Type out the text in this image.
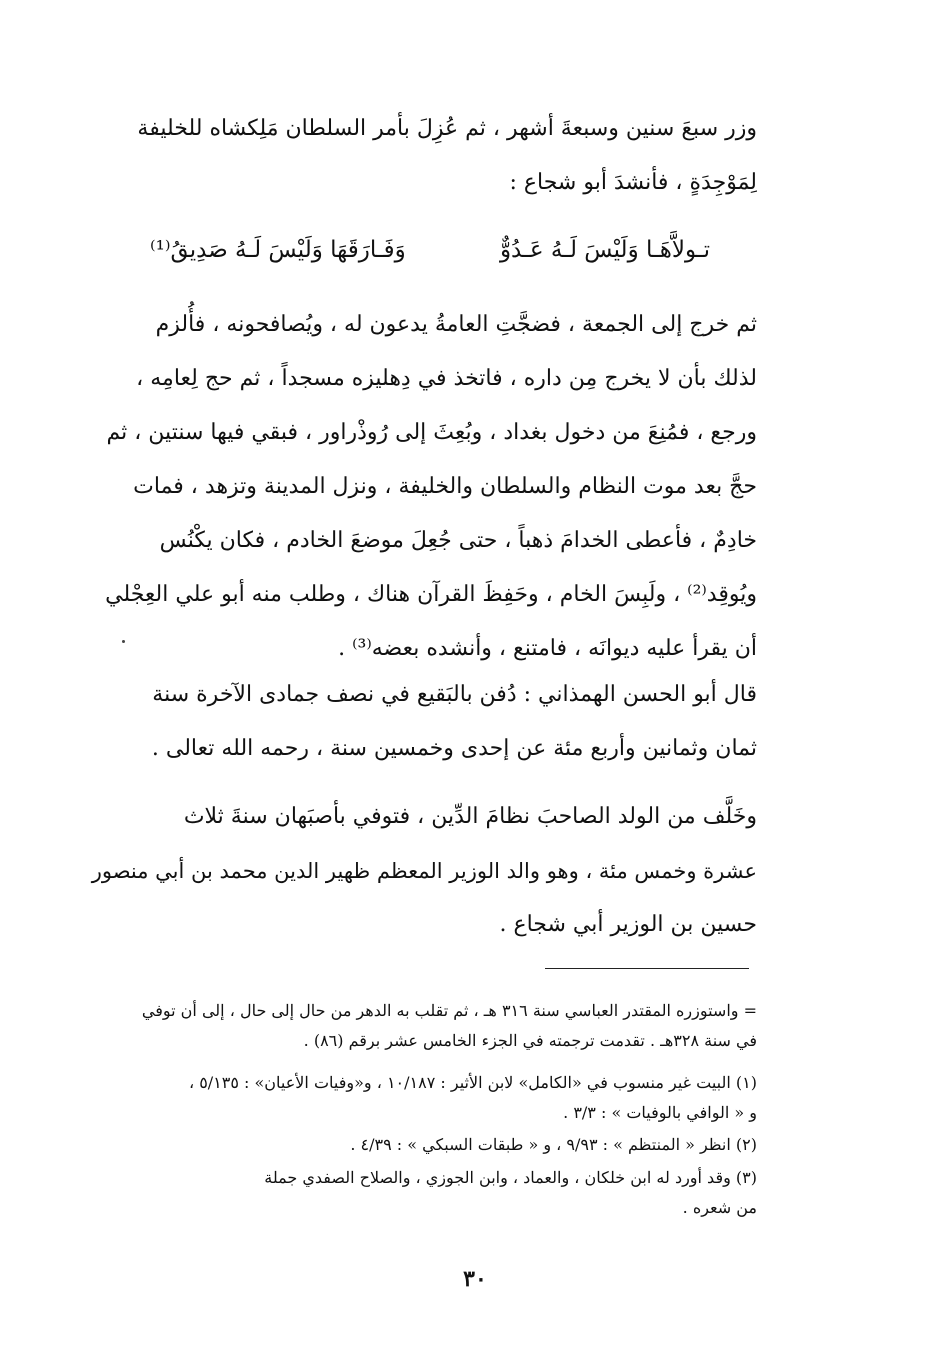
وزر سبعَ سنين وسبعةَ أشهر ، ثم عُزِلَ بأمر السلطان مَلِكشاه للخليفة
لِمَوْجِدَةٍ ، فأنشدَ أبو شجاع :
تـولاَّهَـا وَلَيْسَ لَـهُ عَـدُوٌّ
وَفَـارَقَهَا وَلَيْسَ لَـهُ صَدِيقُ⁽¹⁾
ثم خرج إلى الجمعة ، فضجَّتِ العامةُ يدعون له ، ويُصافحونه ، فأُلزم
لذلك بأن لا يخرج مِن داره ، فاتخذ في دِهليزه مسجداً ، ثم حج لِعامِه ،
ورجع ، فمُنِعَ من دخول بغداد ، وبُعِثَ إلى رُوذْراور ، فبقي فيها سنتين ، ثم
حجَّ بعد موت النظام والسلطان والخليفة ، ونزل المدينة وتزهد ، فمات
خادِمٌ ، فأعطى الخدامَ ذهباً ، حتى جُعِلَ موضعَ الخادم ، فكان يكْنُس
ويُوقِد⁽²⁾ ، ولَبِسَ الخام ، وحَفِظَ القرآن هناك ، وطلب منه أبو علي العِجْلي
أن يقرأ عليه ديوانَه ، فامتنع ، وأنشده بعضه⁽³⁾ .
قال أبو الحسن الهمذاني : دُفن بالبَقيع في نصف جمادى الآخرة سنة
ثمان وثمانين وأربع مئة عن إحدى وخمسين سنة ، رحمه الله تعالى .
وخَلَّف من الولد الصاحبَ نظامَ الدِّين ، فتوفي بأصبَهان سنةَ ثلاث
عشرة وخمس مئة ، وهو والد الوزير المعظم ظهير الدين محمد بن أبي منصور
حسين بن الوزير أبي شجاع .
= واستوزره المقتدر العباسي سنة ٣١٦ هـ ، ثم تقلب به الدهر من حال إلى حال ، إلى أن توفي
في سنة ٣٢٨هـ . تقدمت ترجمته في الجزء الخامس عشر برقم (٨٦) .
(١) البيت غير منسوب في «الكامل» لابن الأثير : ١٠/١٨٧ ، و«وفيات الأعيان» : ٥/١٣٥ ،
و « الوافي بالوفيات » : ٣/٣ .
(٢) انظر « المنتظم » : ٩/٩٣ ، و « طبقات السبكي » : ٤/٣٩ .
(٣) وقد أورد له ابن خلكان ، والعماد ، وابن الجوزي ، والصلاح الصفدي جملة
من شعره .
٣٠
